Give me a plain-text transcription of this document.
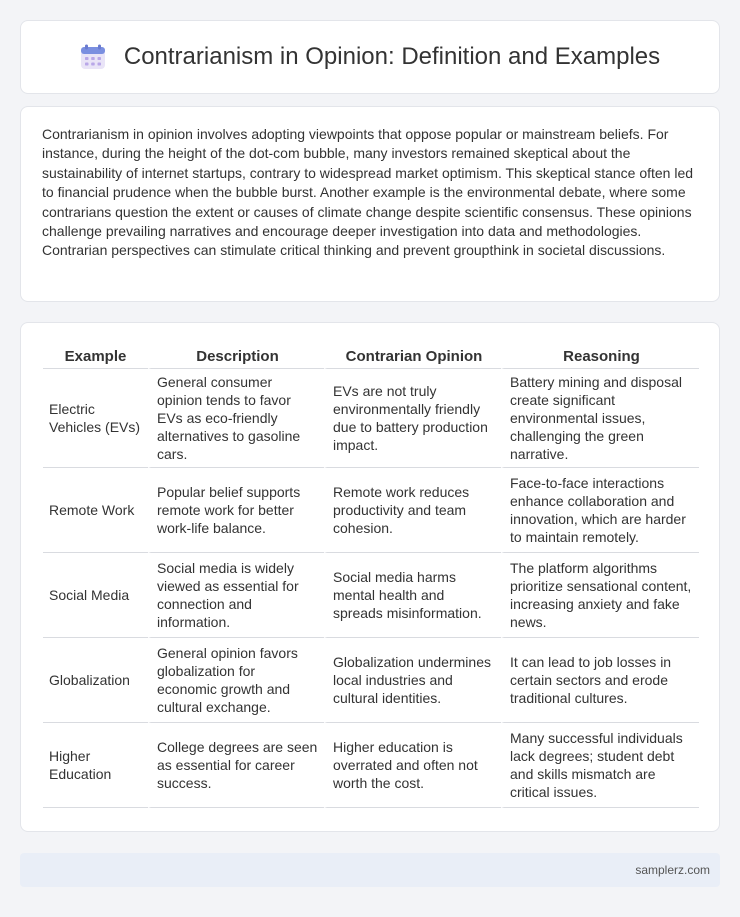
Contrarianism in Opinion: Definition and Examples

Contrarianism in opinion involves adopting viewpoints that oppose popular or mainstream beliefs. For instance, during the height of the dot-com bubble, many investors remained skeptical about the sustainability of internet startups, contrary to widespread market optimism. This skeptical stance often led to financial prudence when the bubble burst. Another example is the environmental debate, where some contrarians question the extent or causes of climate change despite scientific consensus. These opinions challenge prevailing narratives and encourage deeper investigation into data and methodologies. Contrarian perspectives can stimulate critical thinking and prevent groupthink in societal discussions.

Example	Description	Contrarian Opinion	Reasoning
Electric Vehicles (EVs)	General consumer opinion tends to favor EVs as eco-friendly alternatives to gasoline cars.	EVs are not truly environmentally friendly due to battery production impact.	Battery mining and disposal create significant environmental issues, challenging the green narrative.
Remote Work	Popular belief supports remote work for better work-life balance.	Remote work reduces productivity and team cohesion.	Face-to-face interactions enhance collaboration and innovation, which are harder to maintain remotely.
Social Media	Social media is widely viewed as essential for connection and information.	Social media harms mental health and spreads misinformation.	The platform algorithms prioritize sensational content, increasing anxiety and fake news.
Globalization	General opinion favors globalization for economic growth and cultural exchange.	Globalization undermines local industries and cultural identities.	It can lead to job losses in certain sectors and erode traditional cultures.
Higher Education	College degrees are seen as essential for career success.	Higher education is overrated and often not worth the cost.	Many successful individuals lack degrees; student debt and skills mismatch are critical issues.
samplerz.com
